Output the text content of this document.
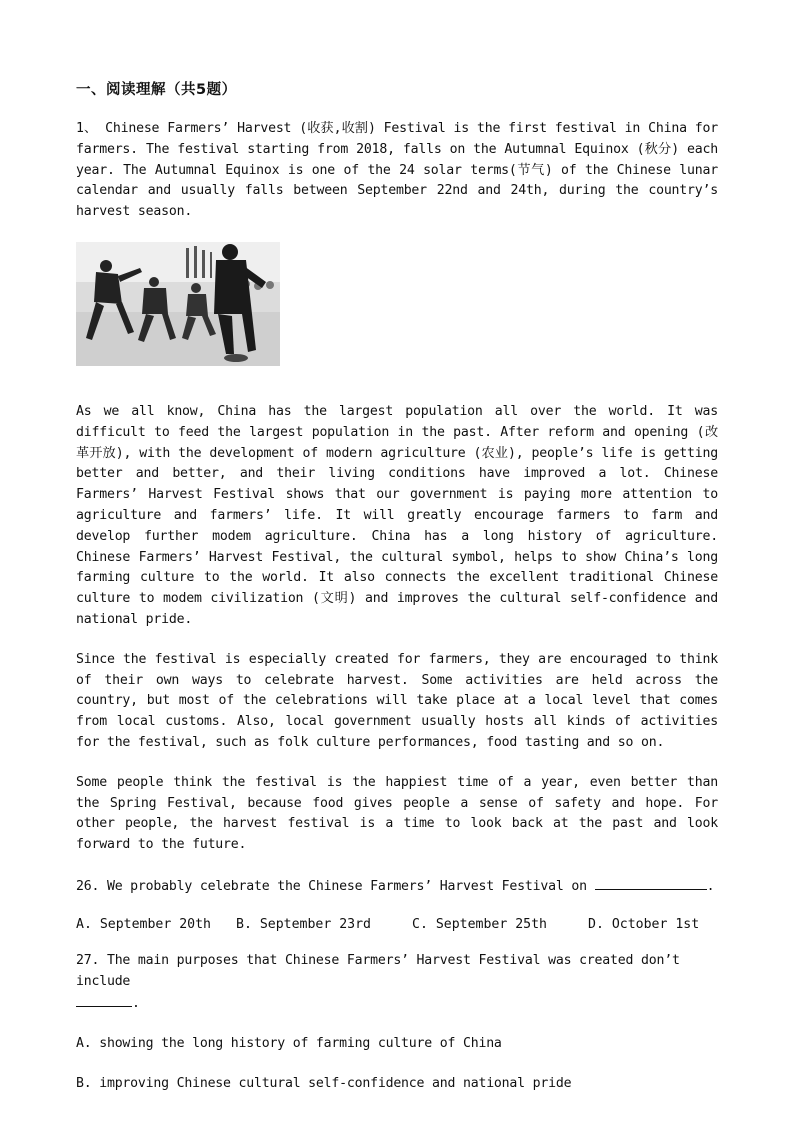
一、阅读理解（共5题）

1、 Chinese Farmers’ Harvest (收获,收割) Festival is the first festival in China for farmers. The festival starting from 2018, falls on the Autumnal Equinox (秋分) each year. The Autumnal Equinox is one of the 24 solar terms(节气) of the Chinese lunar calendar and usually falls between September 22nd and 24th, during the country’s harvest season.

As we all know, China has the largest population all over the world. It was difficult to feed the largest population in the past. After reform and opening (改革开放), with the development of modern agriculture (农业), people’s life is getting better and better, and their living conditions have improved a lot. Chinese Farmers’ Harvest Festival shows that our government is paying more attention to agriculture and farmers’ life. It will greatly encourage farmers to farm and develop further modem agriculture. China has a long history of agriculture. Chinese Farmers’ Harvest Festival, the cultural symbol, helps to show China’s long farming culture to the world. It also connects the excellent traditional Chinese culture to modem civilization (文明) and improves the cultural self-confidence and national pride.

Since the festival is especially created for farmers, they are encouraged to think of their own ways to celebrate harvest. Some activities are held across the country, but most of the celebrations will take place at a local level that comes from local customs. Also, local government usually hosts all kinds of activities for the festival, such as folk culture performances, food tasting and so on.

Some people think the festival is the happiest time of a year, even better than the Spring Festival, because food gives people a sense of safety and hope. For other people, the harvest festival is a time to look back at the past and look forward to the future.

26. We probably celebrate the Chinese Farmers’ Harvest Festival on	.
A. September 20th	B. September 23rd	C. September 25th	D. October 1st
27. The main purposes that Chinese Farmers’ Harvest Festival was created don’t include
.
A. showing the long history of farming culture of China
B. improving Chinese cultural self-confidence and national pride
